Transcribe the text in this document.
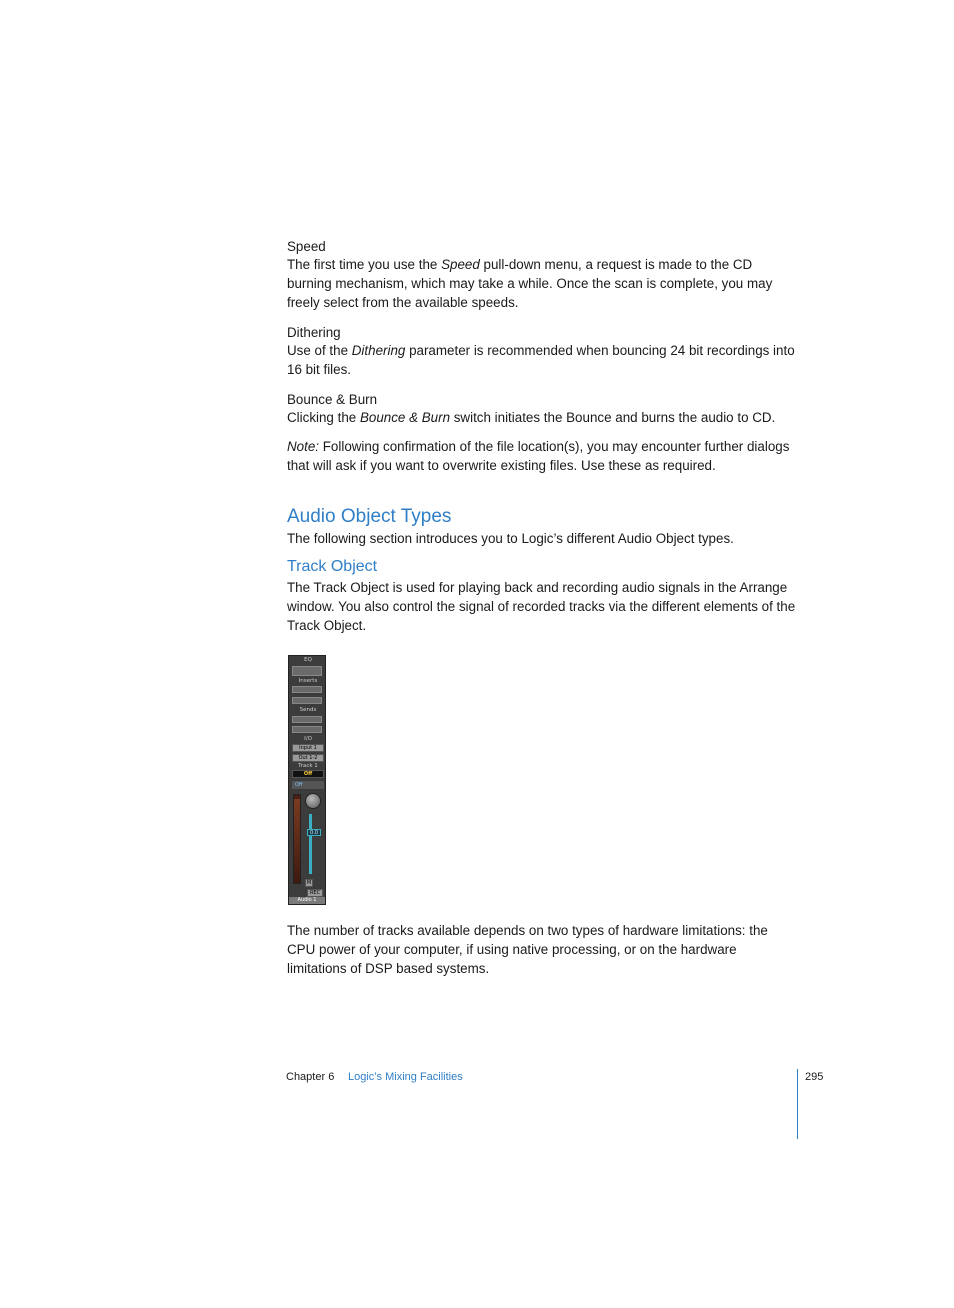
Speed

The first time you use the Speed pull-down menu, a request is made to the CD burning mechanism, which may take a while. Once the scan is complete, you may freely select from the available speeds.

Dithering

Use of the Dithering parameter is recommended when bouncing 24 bit recordings into 16 bit files.

Bounce & Burn

Clicking the Bounce & Burn switch initiates the Bounce and burns the audio to CD.

Note: Following confirmation of the file location(s), you may encounter further dialogs that will ask if you want to overwrite existing files. Use these as required.

Audio Object Types

The following section introduces you to Logic’s different Audio Object types.

Track Object

The Track Object is used for playing back and recording audio signals in the Arrange window. You also control the signal of recorded tracks via the different elements of the Track Object.

EQ
Inserts
Sends
I/O
Input 1
Out 1-2
Track 1
Off
Off
0.0
M
REC
Audio 1

The number of tracks available depends on two types of hardware limitations: the CPU power of your computer, if using native processing, or on the hardware limitations of DSP based systems.

Chapter 6 Logic’s Mixing Facilities	295
